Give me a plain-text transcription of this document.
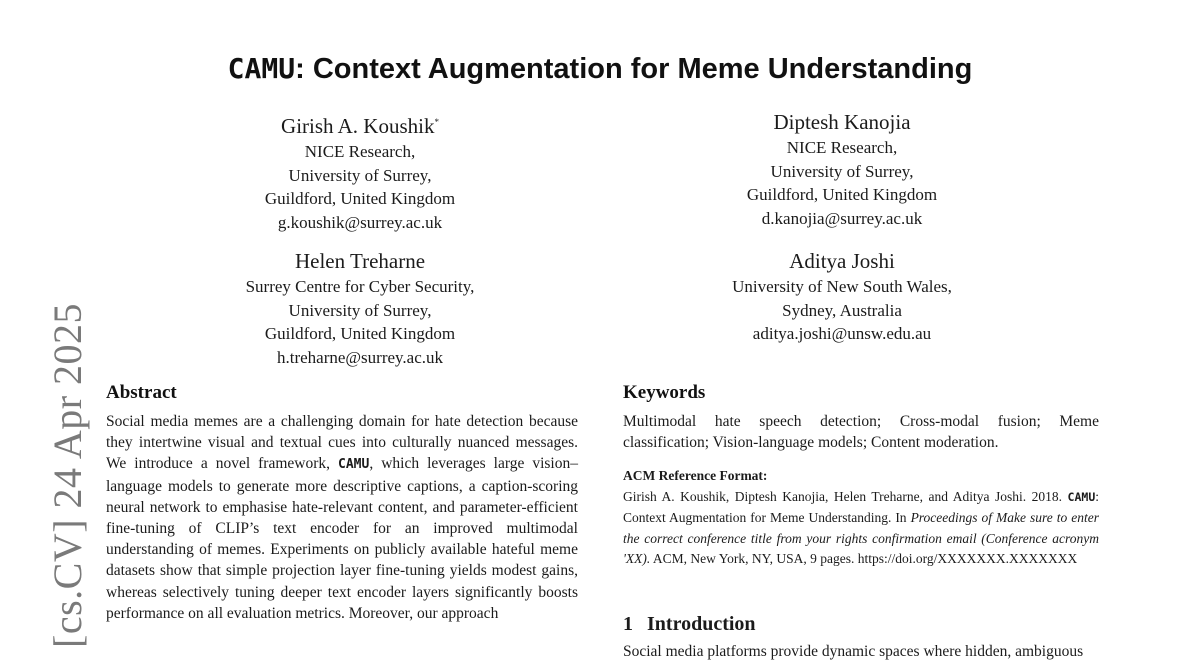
[cs.CV] 24 Apr 2025
CAMU: Context Augmentation for Meme Understanding
Girish A. Koushik*
NICE Research,
University of Surrey,
Guildford, United Kingdom
g.koushik@surrey.ac.uk
Diptesh Kanojia
NICE Research,
University of Surrey,
Guildford, United Kingdom
d.kanojia@surrey.ac.uk
Helen Treharne
Surrey Centre for Cyber Security,
University of Surrey,
Guildford, United Kingdom
h.treharne@surrey.ac.uk
Aditya Joshi
University of New South Wales,
Sydney, Australia
aditya.joshi@unsw.edu.au
Abstract
Social media memes are a challenging domain for hate detection because they intertwine visual and textual cues into culturally nuanced messages. We introduce a novel framework, CAMU, which leverages large vision–language models to generate more descriptive captions, a caption-scoring neural network to emphasise hate-relevant content, and parameter-efficient fine-tuning of CLIP’s text encoder for an improved multimodal understanding of memes. Experiments on publicly available hateful meme datasets show that simple projection layer fine-tuning yields modest gains, whereas selectively tuning deeper text encoder layers significantly boosts performance on all evaluation metrics. Moreover, our approach
Keywords
Multimodal hate speech detection; Cross-modal fusion; Meme classification; Vision-language models; Content moderation.
ACM Reference Format:
Girish A. Koushik, Diptesh Kanojia, Helen Treharne, and Aditya Joshi. 2018. CAMU: Context Augmentation for Meme Understanding. In Proceedings of Make sure to enter the correct conference title from your rights confirmation email (Conference acronym 'XX). ACM, New York, NY, USA, 9 pages. https://doi.org/XXXXXXX.XXXXXXX
1 Introduction
Social media platforms provide dynamic spaces where hidden, ambiguous
